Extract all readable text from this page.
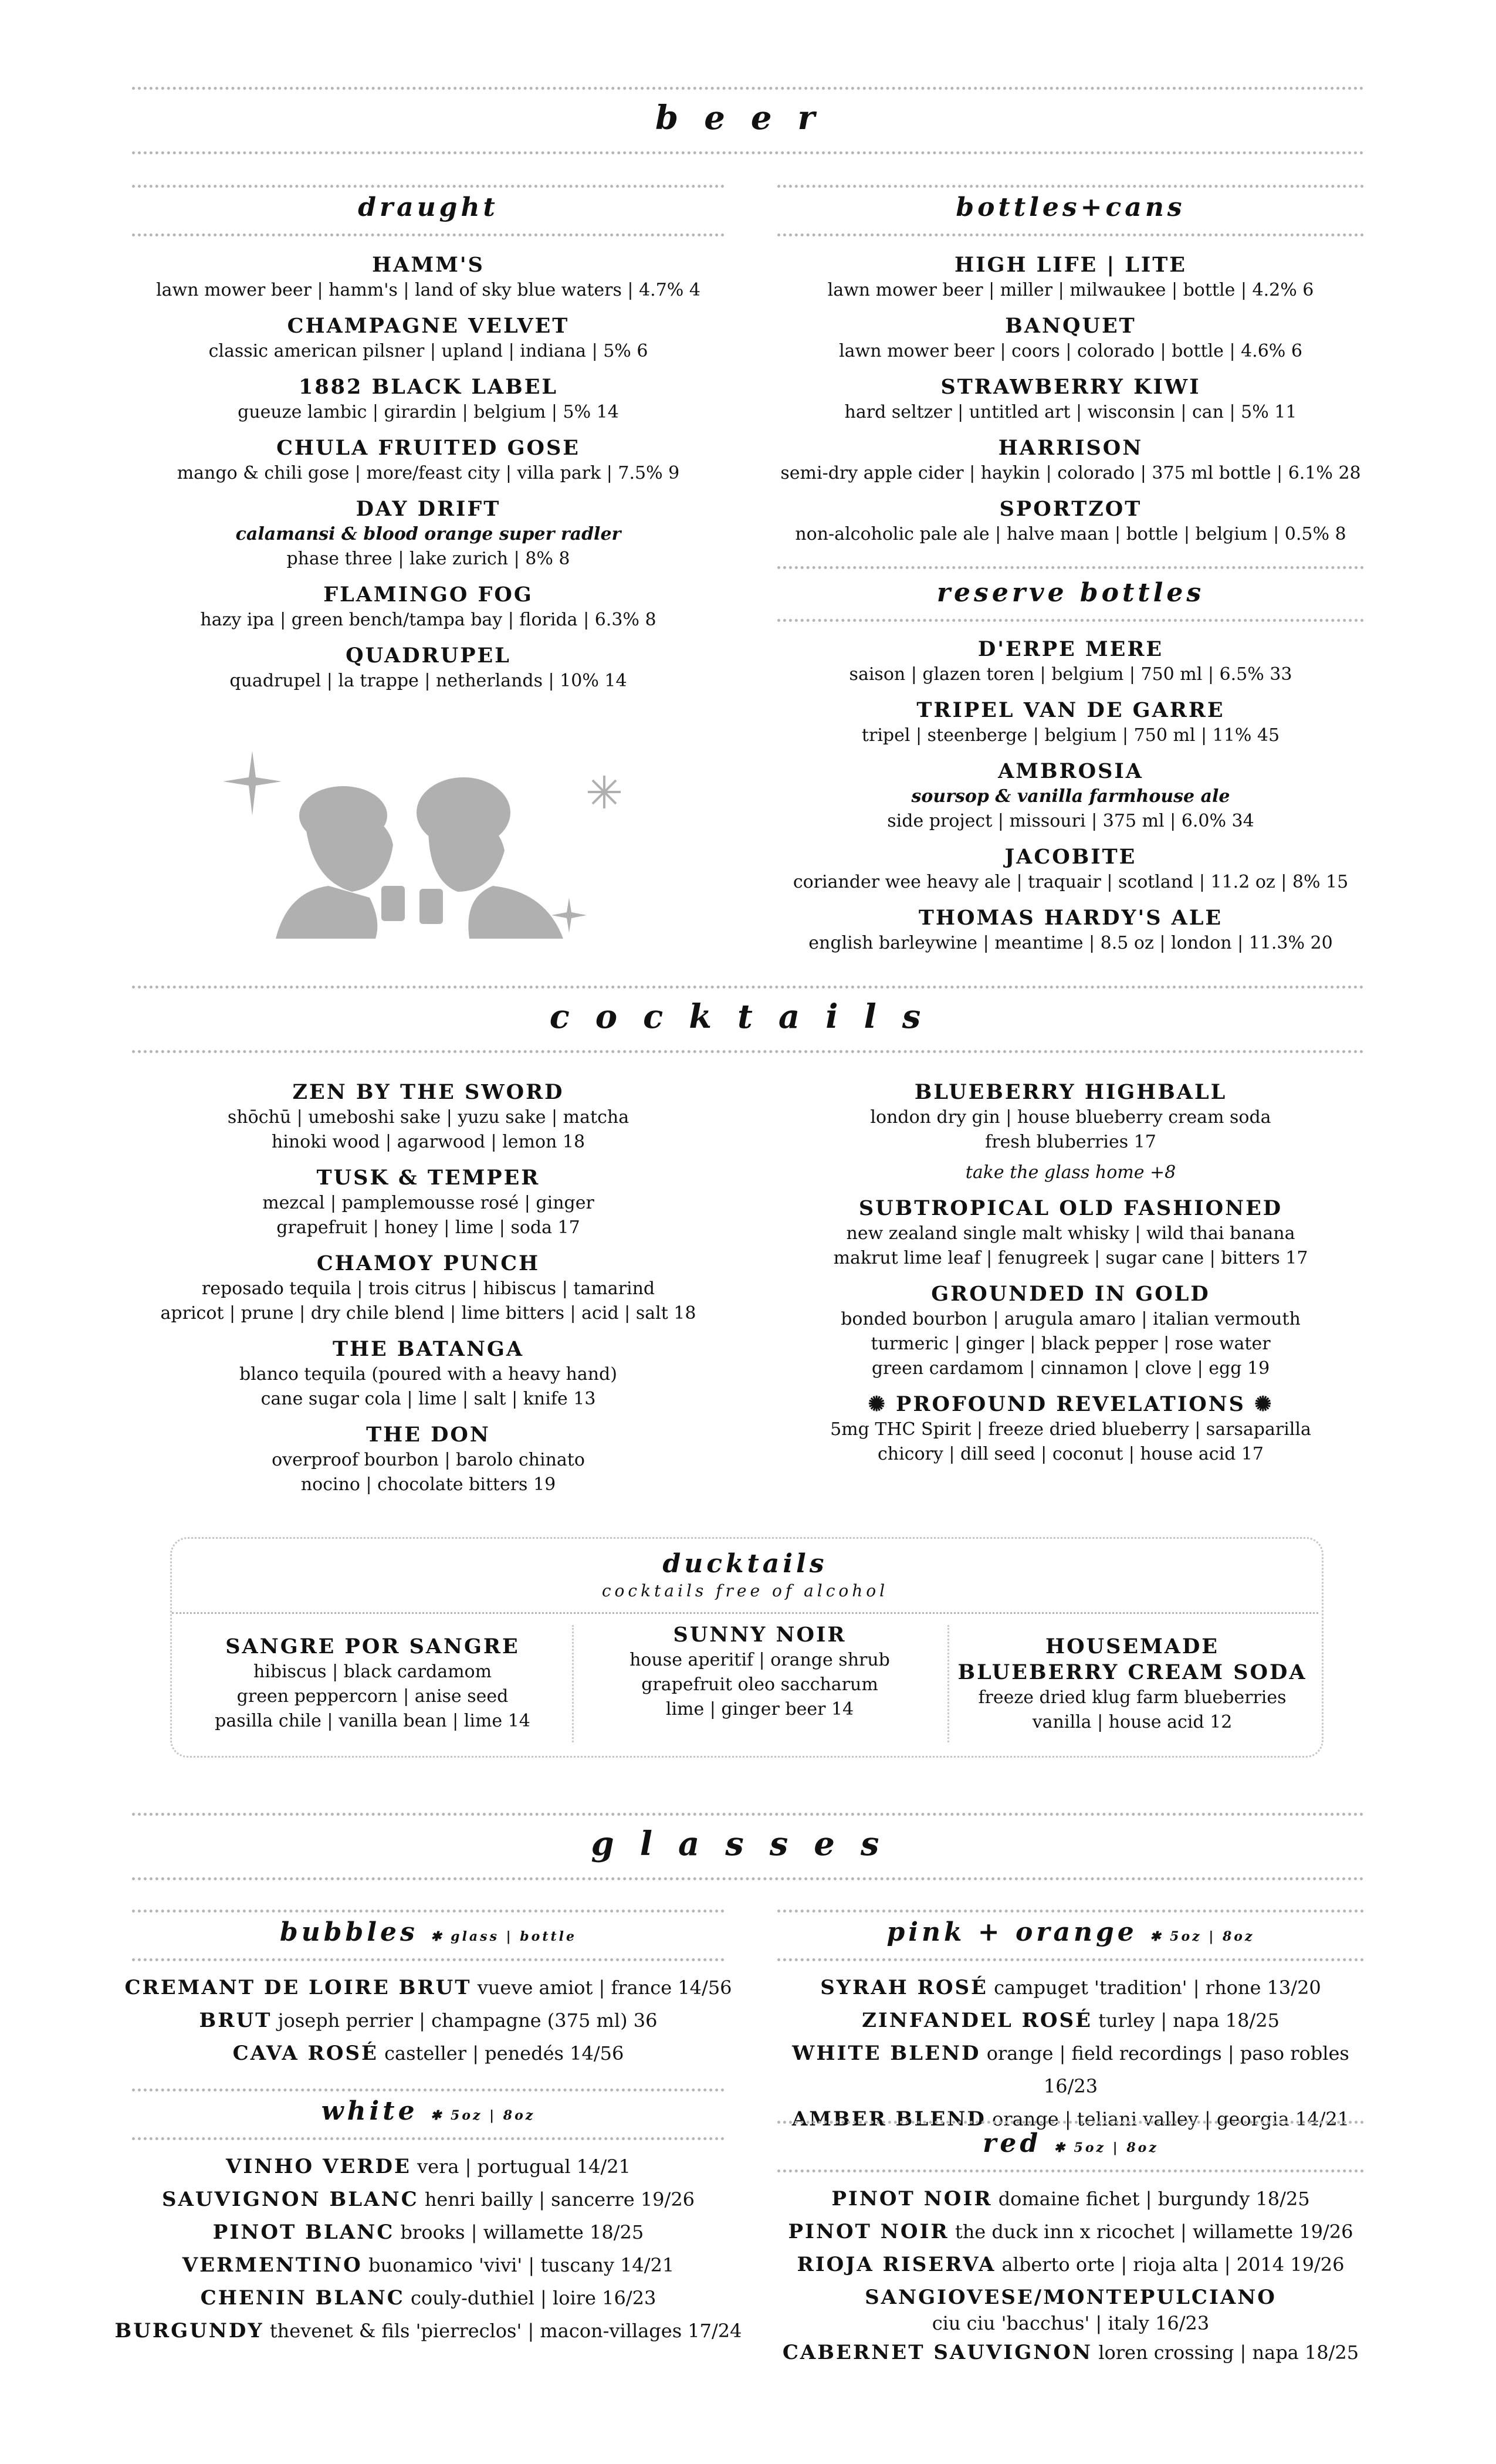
beer
draught	bottles+cans
HAMM'S
lawn mower beer | hamm's | land of sky blue waters | 4.7% 4
CHAMPAGNE VELVET
classic american pilsner | upland | indiana | 5% 6
1882 BLACK LABEL
gueuze lambic | girardin | belgium | 5% 14
CHULA FRUITED GOSE
mango & chili gose | more/feast city | villa park | 7.5% 9
DAY DRIFT
calamansi & blood orange super radler
phase three | lake zurich | 8% 8
FLAMINGO FOG
hazy ipa | green bench/tampa bay | florida | 6.3% 8
QUADRUPEL
quadrupel | la trappe | netherlands | 10% 14
HIGH LIFE | LITE
lawn mower beer | miller | milwaukee | bottle | 4.2% 6
BANQUET
lawn mower beer | coors | colorado | bottle | 4.6% 6
STRAWBERRY KIWI
hard seltzer | untitled art | wisconsin | can | 5% 11
HARRISON
semi-dry apple cider | haykin | colorado | 375 ml bottle | 6.1% 28
SPORTZOT
non-alcoholic pale ale | halve maan | bottle | belgium | 0.5% 8
reserve bottles
D'ERPE MERE
saison | glazen toren | belgium | 750 ml | 6.5% 33
TRIPEL VAN DE GARRE
tripel | steenberge | belgium | 750 ml | 11% 45
AMBROSIA
soursop & vanilla farmhouse ale
side project | missouri | 375 ml | 6.0% 34
JACOBITE
coriander wee heavy ale | traquair | scotland | 11.2 oz | 8% 15
THOMAS HARDY'S ALE
english barleywine | meantime | 8.5 oz | london | 11.3% 20
cocktails
ZEN BY THE SWORD
shōchū | umeboshi sake | yuzu sake | matcha
hinoki wood | agarwood | lemon 18
TUSK & TEMPER
mezcal | pamplemousse rosé | ginger
grapefruit | honey | lime | soda 17
CHAMOY PUNCH
reposado tequila | trois citrus | hibiscus | tamarind
apricot | prune | dry chile blend | lime bitters | acid | salt 18
THE BATANGA
blanco tequila (poured with a heavy hand)
cane sugar cola | lime | salt | knife 13
THE DON
overproof bourbon | barolo chinato
nocino | chocolate bitters 19
BLUEBERRY HIGHBALL
london dry gin | house blueberry cream soda
fresh bluberries 17
take the glass home +8
SUBTROPICAL OLD FASHIONED
new zealand single malt whisky | wild thai banana
makrut lime leaf | fenugreek | sugar cane | bitters 17
GROUNDED IN GOLD
bonded bourbon | arugula amaro | italian vermouth
turmeric | ginger | black pepper | rose water
green cardamom | cinnamon | clove | egg 19
✺ PROFOUND REVELATIONS ✺
5mg THC Spirit | freeze dried blueberry | sarsaparilla
chicory | dill seed | coconut | house acid 17
ducktails
cocktails free of alcohol
SANGRE POR SANGRE
hibiscus | black cardamom
green peppercorn | anise seed
pasilla chile | vanilla bean | lime 14
SUNNY NOIR
house aperitif | orange shrub
grapefruit oleo saccharum
lime | ginger beer 14
HOUSEMADE
BLUEBERRY CREAM SODA
freeze dried klug farm blueberries
vanilla | house acid 12
glasses
bubbles ✱ glass | bottle
CREMANT DE LOIRE BRUT vueve amiot | france 14/56
BRUT joseph perrier | champagne (375 ml) 36
CAVA ROSÉ casteller | penedés 14/56
white ✱ 5oz | 8oz
VINHO VERDE vera | portugual 14/21
SAUVIGNON BLANC henri bailly | sancerre 19/26
PINOT BLANC brooks | willamette 18/25
VERMENTINO buonamico 'vivi' | tuscany 14/21
CHENIN BLANC couly-duthiel | loire 16/23
BURGUNDY thevenet & fils 'pierreclos' | macon-villages 17/24
pink + orange ✱ 5oz | 8oz
SYRAH ROSÉ campuget 'tradition' | rhone 13/20
ZINFANDEL ROSÉ turley | napa 18/25
WHITE BLEND orange | field recordings | paso robles 16/23
AMBER BLEND orange | teliani valley | georgia 14/21
red ✱ 5oz | 8oz
PINOT NOIR domaine fichet | burgundy 18/25
PINOT NOIR the duck inn x ricochet | willamette 19/26
RIOJA RISERVA alberto orte | rioja alta | 2014 19/26
SANGIOVESE/MONTEPULCIANO
ciu ciu 'bacchus' | italy 16/23
CABERNET SAUVIGNON loren crossing | napa 18/25
